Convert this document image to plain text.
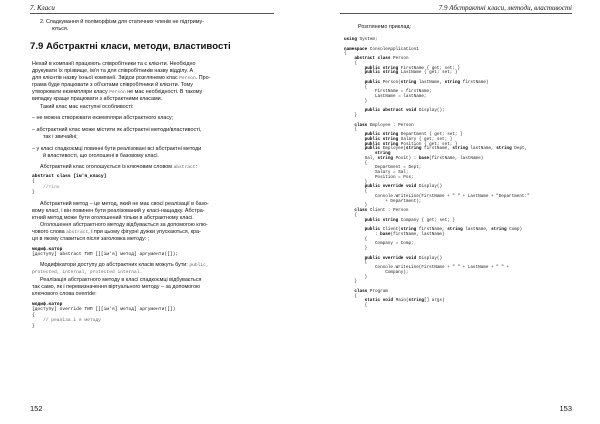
7. Класи
2. Спадкування й поліморфізм для статичних членів не підтриму-
ються.
7.9 Абстрактні класи, методи, властивості
Нехай в компанії працюють співробітники та є клієнти. Необхідно
друкувати їх прізвище, ім'я та для співробітників назву відділу. А
для клієнтів назву їхньої компанії. Звідси розглянемо клас Person. Про-
грама буде працювати з об'єктами співробітники й клієнти. Тому
утворювати екземпляри класу Person не має необхідності. В такому
випадку краще працювати з абстрактними класами.
Такий клас має наступні особливості:
– не можна створювати екземпляри абстрактного класу;
– абстрактний клас може містити як абстрактні методи/властивості,
так і звичайні;
– у класі спадкоємці повинні бути реалізовані всі абстрактні методи
й властивості, що оголошені в базовому класі.
Абстрактний клас оголошується із ключовим словом abstract:
abstract class [ім'я_класу]
{
//тіло
}
Абстрактний метод – це метод, який не має своєї реалізації в базо-
вому класі, і він повинен бути реалізований у класі-нащадку. Абстра-
ктний метод може бути оголошений тільки в абстрактному класі.
Оголошення абстрактного методу відбувається за допомогою клю-
чового слова abstract, і при цьому фігурні дужки упускаються, кра-
ця в якому ставиться після заголовка методу: ;
модиф.катор
[доступу] abstract ТИП [][ім'я] метод] аргументи([]);
Модифікатори доступу до абстрактних класів можуть бути: public,
protected, internal, protected internal.
Реалізація абстрактного методу в класі спадкоємці відбувається
так само, як і перевизначення віртуального методу – за допомогою
ключового слова override:
модиф.катор
[доступу] override ТИП [][ім'я] метод] аргументи([])
{
// реаліза.і я методу
}
152
7.9 Абстрактні класи, методи, властивості
Розглянемо приклад:
using System;

namespace ConsoleApplication1
{
abstract class Person
{
public string FirstName { get; set; }
public string LastName { get; set; }

public Person(string lastName, string firstName)
{
FirstName = firstName;
LastName = lastName;
}

public abstract void Display();
}

class Employee : Person
{
public string Department { get; set; }
public string Salary { get; set; }
public string Position { get; set; }
public Employee(string firstName, string lastName, string Dept,
string
Sal, string Posit) : base(firstName, lastName)
{
Department = Dept;
Salary = Sal;
Position = Pos;
}
public override void Display()
{
Console.WriteLine(FirstName + " " + LastName + "Department:"
+ Department);
}
class Client : Person
{
public string Company { get; set; }

public Client(string firstName, string lastName, string Comp)
: base(firstName, lastName)
{
Company = Comp;
}

public override void Display()
{
Console.WriteLine(FirstName + " " + LastName + " " +
Company);
}
}

class Program
{
static void Main(string[] args)
{
153
